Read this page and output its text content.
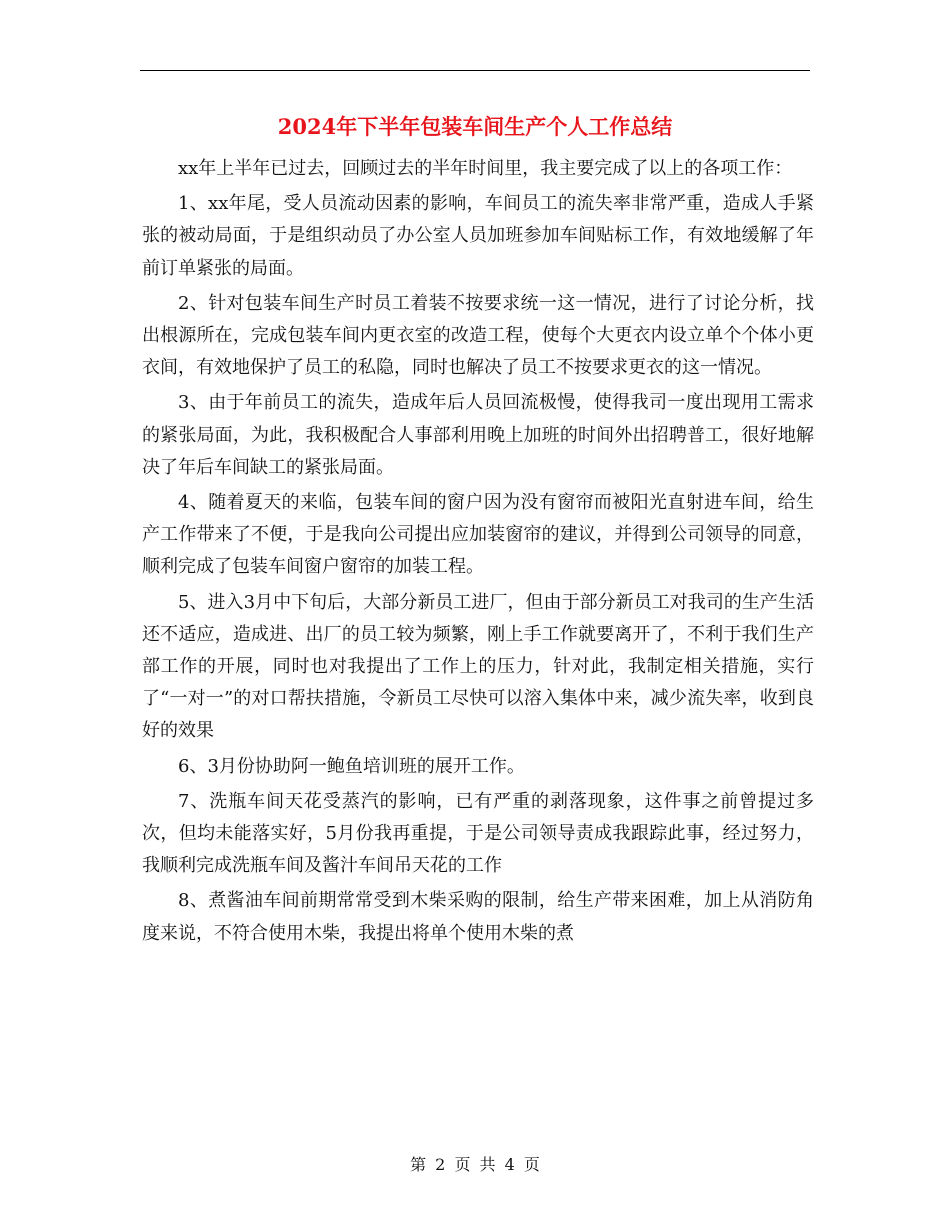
2024年下半年包装车间生产个人工作总结

xx年上半年已过去，回顾过去的半年时间里，我主要完成了以上的各项工作：

1、xx年尾，受人员流动因素的影响，车间员工的流失率非常严重，造成人手紧张的被动局面，于是组织动员了办公室人员加班参加车间贴标工作，有效地缓解了年前订单紧张的局面。

2、针对包装车间生产时员工着装不按要求统一这一情况，进行了讨论分析，找出根源所在，完成包装车间内更衣室的改造工程，使每个大更衣内设立单个个体小更衣间，有效地保护了员工的私隐，同时也解决了员工不按要求更衣的这一情况。

3、由于年前员工的流失，造成年后人员回流极慢，使得我司一度出现用工需求的紧张局面，为此，我积极配合人事部利用晚上加班的时间外出招聘普工，很好地解决了年后车间缺工的紧张局面。

4、随着夏天的来临，包装车间的窗户因为没有窗帘而被阳光直射进车间，给生产工作带来了不便，于是我向公司提出应加装窗帘的建议，并得到公司领导的同意，顺利完成了包装车间窗户窗帘的加装工程。

5、进入3月中下旬后，大部分新员工进厂，但由于部分新员工对我司的生产生活还不适应，造成进、出厂的员工较为频繁，刚上手工作就要离开了，不利于我们生产部工作的开展，同时也对我提出了工作上的压力，针对此，我制定相关措施，实行了“一对一”的对口帮扶措施，令新员工尽快可以溶入集体中来，减少流失率，收到良好的效果

6、3月份协助阿一鲍鱼培训班的展开工作。

7、洗瓶车间天花受蒸汽的影响，已有严重的剥落现象，这件事之前曾提过多次，但均未能落实好，5月份我再重提，于是公司领导责成我跟踪此事，经过努力，我顺利完成洗瓶车间及酱汁车间吊天花的工作

8、煮酱油车间前期常常受到木柴采购的限制，给生产带来困难，加上从消防角度来说，不符合使用木柴，我提出将单个使用木柴的煮

第 2 页 共 4 页
